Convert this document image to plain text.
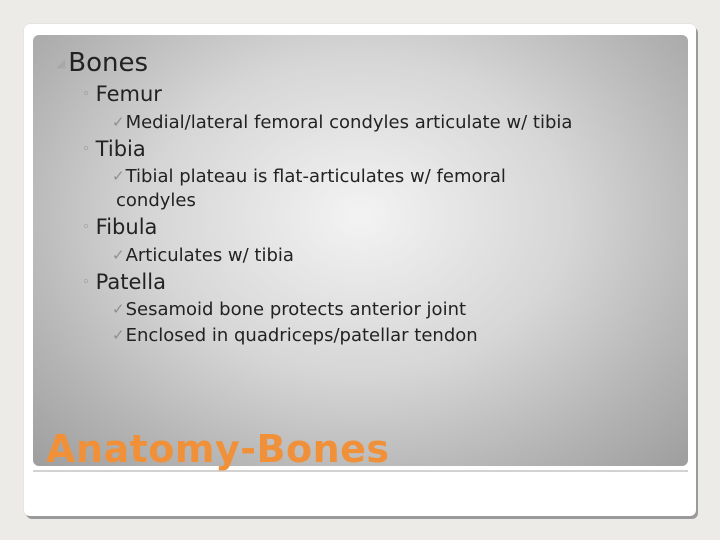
◢ Bones
◦ Femur
✓Medial/lateral femoral condyles articulate w/ tibia
◦ Tibia
✓Tibial plateau is flat-articulates w/ femoral
condyles
◦ Fibula
✓Articulates w/ tibia
◦ Patella
✓Sesamoid bone protects anterior joint
✓Enclosed in quadriceps/patellar tendon
Anatomy-Bones
